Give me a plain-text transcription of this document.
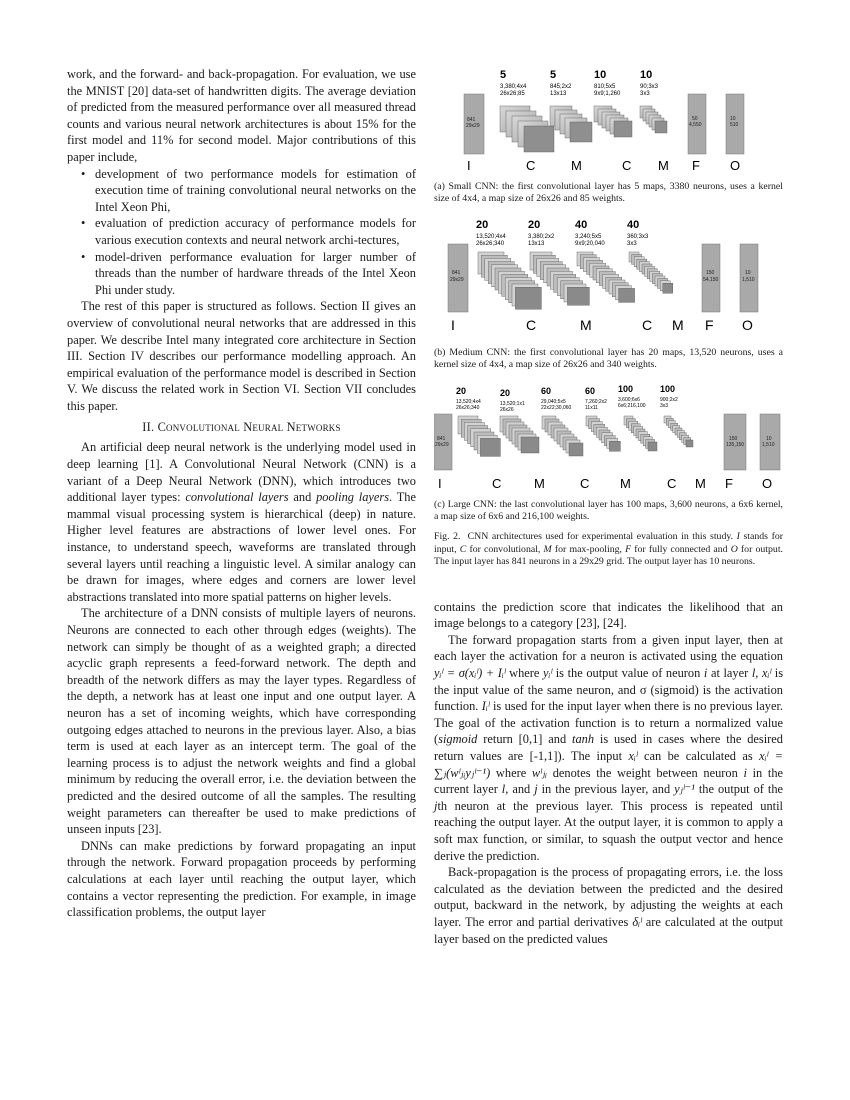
work, and the forward- and back-propagation. For evaluation, we use the MNIST [20] data-set of handwritten digits. The average deviation of predicted from the measured performance over all measured thread counts and various neural network architectures is about 15% for the first model and 11% for second model. Major contributions of this paper include,

• development of two performance models for estimation of execution time of training convolutional neural networks on the Intel Xeon Phi,
• evaluation of prediction accuracy of performance models for various execution contexts and neural network archi-tectures,
• model-driven performance evaluation for larger number of threads than the number of hardware threads of the Intel Xeon Phi under study.

The rest of this paper is structured as follows. Section II gives an overview of convolutional neural networks that are addressed in this paper. We describe Intel many integrated core architecture in Section III. Section IV describes our performance modelling approach. An empirical evaluation of the performance model is described in Section V. We discuss the related work in Section VI. Section VII concludes this paper.

II. Convolutional Neural Networks

An artificial deep neural network is the underlying model used in deep learning [1]. A Convolutional Neural Network (CNN) is a variant of a Deep Neural Network (DNN), which introduces two additional layer types: convolutional layers and pooling layers. The mammal visual processing system is hierarchical (deep) in nature. Higher level features are abstractions of lower level ones. For instance, to understand speech, waveforms are translated through several layers until reaching a linguistic level. A similar analogy can be drawn for images, where edges and corners are lower level abstractions translated into more spatial patterns on higher levels.

The architecture of a DNN consists of multiple layers of neurons. Neurons are connected to each other through edges (weights). The network can simply be thought of as a weighted graph; a directed acyclic graph represents a feed-forward network. The depth and breadth of the network differs as may the layer types. Regardless of the depth, a network has at least one input and one output layer. A neuron has a set of incoming weights, which have corresponding outgoing edges attached to neurons in the previous layer. Also, a bias term is used at each layer as an intercept term. The goal of the learning process is to adjust the network weights and find a global minimum by reducing the overall error, i.e. the deviation between the predicted and the desired outcome of all the samples. The resulting weight parameters can thereafter be used to make predictions of unseen inputs [23].

DNNs can make predictions by forward propagating an input through the network. Forward propagation proceeds by performing calculations at each layer until reaching the output layer, which contains a vector representing the prediction. For example, in image classification problems, the output layer

5
3,380;4x4
26x26;85
5
845;2x2
13x13
10
810;5x5
9x9;1,260
10
90;3x3
3x3
841
29x29
50
4,550
10
510
I	C	M	C M F O

(a) Small CNN: the first convolutional layer has 5 maps, 3380 neurons, uses a kernel size of 4x4, a map size of 26x26 and 85 weights.

20
13,520;4x4
26x26;340
20
3,380;2x2
13x13
40
3,240;5x5
9x9;20,040
40
360;3x3
3x3
841
29x29
150
54,150
10
1,510
I	C	M	C M F O

(b) Medium CNN: the first convolutional layer has 20 maps, 13,520 neurons, uses a kernel size of 4x4, a map size of 26x26 and 340 weights.

20
13,520;4x4
26x26;340
20
13,520;1x1
26x26
60
29,040;5x5
22x22;30,060
60
7,260;2x2
11x11
100
3,600;6x6
6x6;216,100
100
900;2x2
3x3
841
29x29
150
135,150
10
1,510
I	C	M	C M	C M F O

(c) Large CNN: the last convolutional layer has 100 maps, 3,600 neurons, a 6x6 kernel, a map size of 6x6 and 216,100 weights.

Fig. 2. CNN architectures used for experimental evaluation in this study. I stands for input, C for convolutional, M for max-pooling, F for fully connected and O for output. The input layer has 841 neurons in a 29x29 grid. The output layer has 10 neurons.

contains the prediction score that indicates the likelihood that an image belongs to a category [23], [24].

The forward propagation starts from a given input layer, then at each layer the activation for a neuron is activated using the equation yᵢˡ = σ(xᵢˡ) + Iᵢˡ where yᵢˡ is the output value of neuron i at layer l, xᵢˡ is the input value of the same neuron, and σ (sigmoid) is the activation function. Iᵢˡ is used for the input layer when there is no previous layer. The goal of the activation function is to return a normalized value (sigmoid return [0,1] and tanh is used in cases where the desired return values are [-1,1]). The input xᵢˡ can be calculated as xᵢˡ = ∑ⱼ(wˡⱼᵢyⱼˡ⁻¹) where wˡⱼᵢ denotes the weight between neuron i in the current layer l, and j in the previous layer, and yⱼˡ⁻¹ the output of the jth neuron at the previous layer. This process is repeated until reaching the output layer. At the output layer, it is common to apply a soft max function, or similar, to squash the output vector and hence derive the prediction.

Back-propagation is the process of propagating errors, i.e. the loss calculated as the deviation between the predicted and the desired output, backward in the network, by adjusting the weights at each layer. The error and partial derivatives δᵢˡ are calculated at the output layer based on the predicted values
